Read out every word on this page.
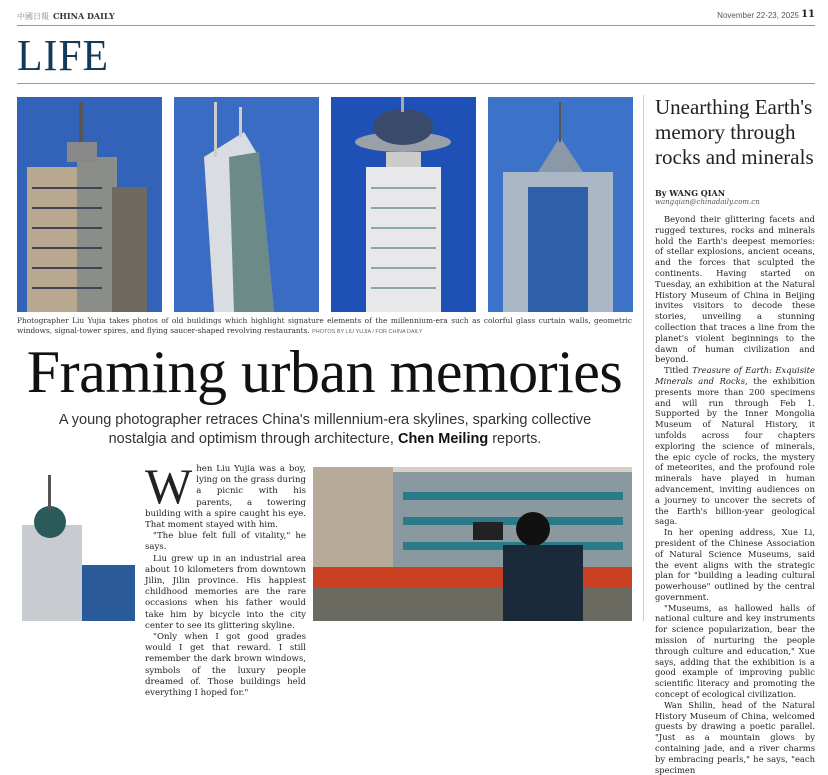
中國日報 CHINA DAILY	November 22-23, 2025 11
LIFE
Photographer Liu Yujia takes photos of old buildings which highlight signature elements of the millennium-era such as colorful glass curtain walls, geometric windows, signal-tower spires, and flying saucer-shaped revolving restaurants. PHOTOS BY LIU YUJIA / FOR CHINA DAILY
Framing urban memories
A young photographer retraces China's millennium-era skylines, sparking collective nostalgia and optimism through architecture, Chen Meiling reports.
W hen Liu Yujia was a boy, lying on the grass during a picnic with his parents, a towering building with a spire caught his eye. That moment stayed with him.

"The blue felt full of vitality," he says.

Liu grew up in an industrial area about 10 kilometers from downtown Jilin, Jilin province. His happiest childhood memories are the rare occasions when his father would take him by bicycle into the city center to see its glittering skyline.

"Only when I got good grades would I get that reward. I still remember the dark brown windows, symbols of the luxury people dreamed of. Those buildings held everything I hoped for."

Unearthing Earth's memory through rocks and minerals
By WANG QIAN
wangqian@chinadaily.com.cn

Beyond their glittering facets and rugged textures, rocks and minerals hold the Earth's deepest memories: of stellar explosions, ancient oceans, and the forces that sculpted the continents. Having started on Tuesday, an exhibition at the Natural History Museum of China in Beijing invites visitors to decode these stories, unveiling a stunning collection that traces a line from the planet's violent beginnings to the dawn of human civilization and beyond.

Titled Treasure of Earth: Exquisite Minerals and Rocks, the exhibition presents more than 200 specimens and will run through Feb 1. Supported by the Inner Mongolia Museum of Natural History, it unfolds across four chapters exploring the science of minerals, the epic cycle of rocks, the mystery of meteorites, and the profound role minerals have played in human advancement, inviting audiences on a journey to uncover the secrets of the Earth's billion-year geological saga.

In her opening address, Xue Li, president of the Chinese Association of Natural Science Museums, said the event aligns with the strategic plan for "building a leading cultural powerhouse" outlined by the central government.

"Museums, as hallowed halls of national culture and key instruments for science popularization, bear the mission of nurturing the people through culture and education," Xue says, adding that the exhibition is a good example of improving public scientific literacy and promoting the concept of ecological civilization.

Wan Shilin, head of the Natural History Museum of China, welcomed guests by drawing a poetic parallel. "Just as a mountain glows by containing jade, and a river charms by embracing pearls," he says, "each specimen
